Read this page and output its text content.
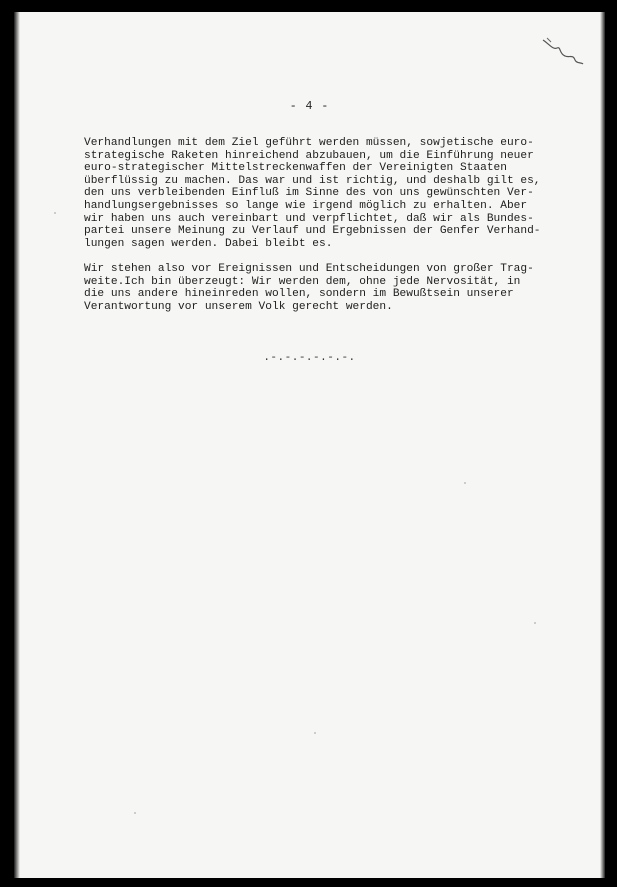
- 4 -

Verhandlungen mit dem Ziel geführt werden müssen, sowjetische euro-
strategische Raketen hinreichend abzubauen, um die Einführung neuer
euro-strategischer Mittelstreckenwaffen der Vereinigten Staaten
überflüssig zu machen. Das war und ist richtig, und deshalb gilt es,
den uns verbleibenden Einfluß im Sinne des von uns gewünschten Ver-
handlungsergebnisses so lange wie irgend möglich zu erhalten. Aber
wir haben uns auch vereinbart und verpflichtet, daß wir als Bundes-
partei unsere Meinung zu Verlauf und Ergebnissen der Genfer Verhand-
lungen sagen werden. Dabei bleibt es.

Wir stehen also vor Ereignissen und Entscheidungen von großer Trag-
weite.Ich bin überzeugt: Wir werden dem, ohne jede Nervosität, in
die uns andere hineinreden wollen, sondern im Bewußtsein unserer
Verantwortung vor unserem Volk gerecht werden.

.-.-.-.-.-.-.
